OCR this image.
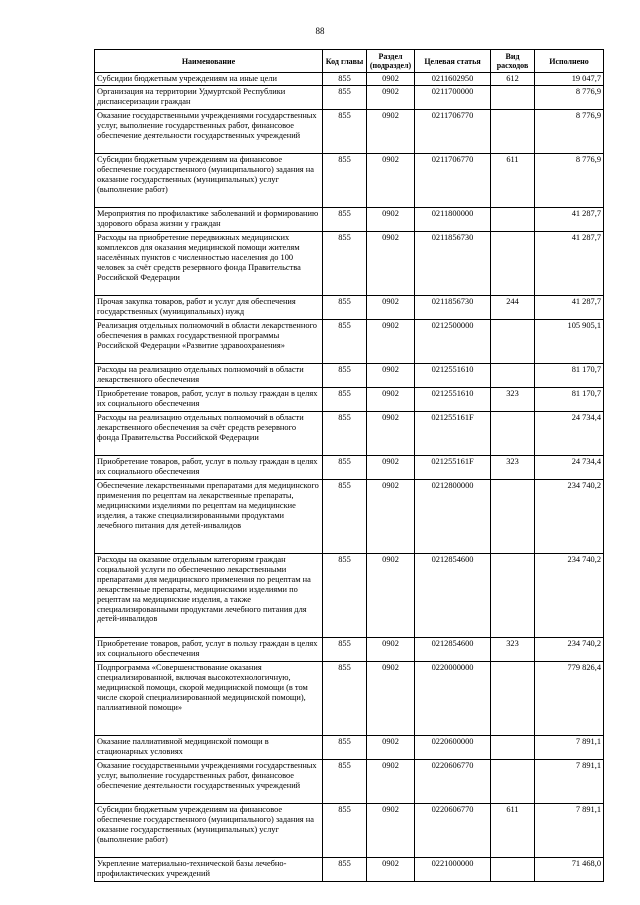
88
Наименование	Код главы	Раздел (подраздел)	Целевая статья	Вид расходов	Исполнено
Субсидии бюджетным учреждениям на иные цели	855	0902	0211602950	612	19 047,7
Организация на территории Удмуртской Республики диспансеризации граждан	855	0902	0211700000		8 776,9
Оказание государственными учреждениями государственных услуг, выполнение государственных работ, финансовое обеспечение деятельности государственных учреждений	855	0902	0211706770		8 776,9
Субсидии бюджетным учреждениям на финансовое обеспечение государственного (муниципального) задания на оказание государственных (муниципальных) услуг (выполнение работ)	855	0902	0211706770	611	8 776,9
Мероприятия по профилактике заболеваний и формированию здорового образа жизни у граждан	855	0902	0211800000		41 287,7
Расходы на приобретение передвижных медицинских комплексов для оказания медицинской помощи жителям населённых пунктов с численностью населения до 100 человек за счёт средств резервного фонда Правительства Российской Федерации	855	0902	0211856730		41 287,7
Прочая закупка товаров, работ и услуг для обеспечения государственных (муниципальных) нужд	855	0902	0211856730	244	41 287,7
Реализация отдельных полномочий в области лекарственного обеспечения в рамках государственной программы Российской Федерации «Развитие здравоохранения»	855	0902	0212500000		105 905,1
Расходы на реализацию отдельных полномочий в области лекарственного обеспечения	855	0902	0212551610		81 170,7
Приобретение товаров, работ, услуг в пользу граждан в целях их социального обеспечения	855	0902	0212551610	323	81 170,7
Расходы на реализацию отдельных полномочий в области лекарственного обеспечения за счёт средств резервного фонда Правительства Российской Федерации	855	0902	021255161F		24 734,4
Приобретение товаров, работ, услуг в пользу граждан в целях их социального обеспечения	855	0902	021255161F	323	24 734,4
Обеспечение лекарственными препаратами для медицинского применения по рецептам на лекарственные препараты, медицинскими изделиями по рецептам на медицинские изделия, а также специализированными продуктами лечебного питания для детей-инвалидов	855	0902	0212800000		234 740,2
Расходы на оказание отдельным категориям граждан социальной услуги по обеспечению лекарственными препаратами для медицинского применения по рецептам на лекарственные препараты, медицинскими изделиями по рецептам на медицинские изделия, а также специализированными продуктами лечебного питания для детей-инвалидов	855	0902	0212854600		234 740,2
Приобретение товаров, работ, услуг в пользу граждан в целях их социального обеспечения	855	0902	0212854600	323	234 740,2
Подпрограмма «Совершенствование оказания специализированной, включая высокотехнологичную, медицинской помощи, скорой медицинской помощи (в том числе скорой специализированной медицинской помощи), паллиативной помощи»	855	0902	0220000000		779 826,4
Оказание паллиативной медицинской помощи в стационарных условиях	855	0902	0220600000		7 891,1
Оказание государственными учреждениями государственных услуг, выполнение государственных работ, финансовое обеспечение деятельности государственных учреждений	855	0902	0220606770		7 891,1
Субсидии бюджетным учреждениям на финансовое обеспечение государственного (муниципального) задания на оказание государственных (муниципальных) услуг (выполнение работ)	855	0902	0220606770	611	7 891,1
Укрепление материально-технической базы лечебно-профилактических учреждений	855	0902	0221000000		71 468,0
